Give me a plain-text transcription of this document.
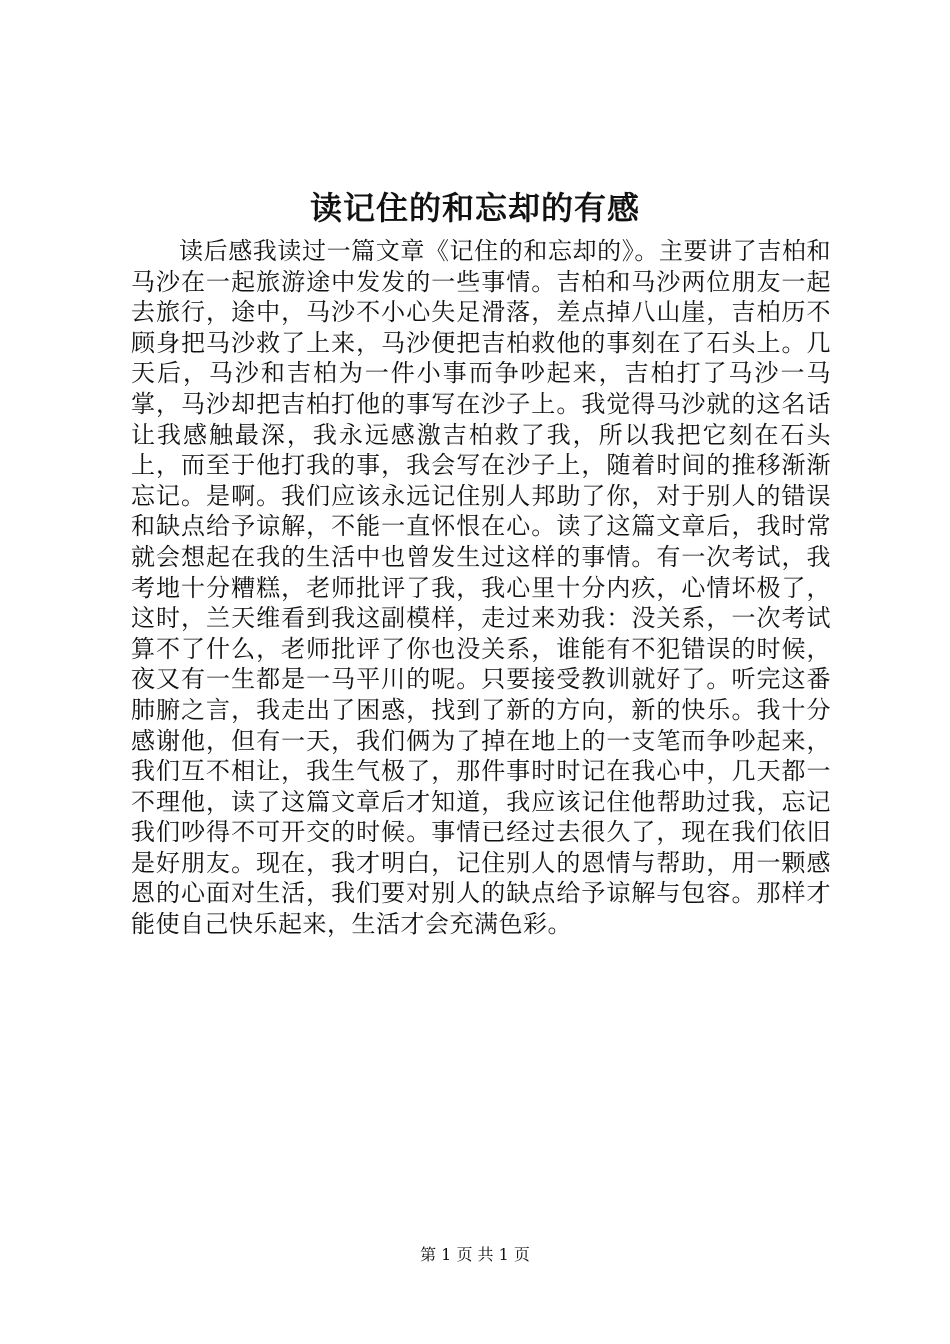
读记住的和忘却的有感

读后感我读过一篇文章《记住的和忘却的》。主要讲了吉柏和马沙在一起旅游途中发发的一些事情。吉柏和马沙两位朋友一起去旅行，途中，马沙不小心失足滑落，差点掉八山崖，吉柏历不顾身把马沙救了上来，马沙便把吉柏救他的事刻在了石头上。几天后，马沙和吉柏为一件小事而争吵起来，吉柏打了马沙一马掌，马沙却把吉柏打他的事写在沙子上。我觉得马沙就的这名话让我感触最深，我永远感激吉柏救了我，所以我把它刻在石头上，而至于他打我的事，我会写在沙子上，随着时间的推移渐渐忘记。是啊。我们应该永远记住别人邦助了你，对于别人的错误和缺点给予谅解，不能一直怀恨在心。读了这篇文章后，我时常就会想起在我的生活中也曾发生过这样的事情。有一次考试，我考地十分糟糕，老师批评了我，我心里十分内疚，心情坏极了，这时，兰天维看到我这副模样，走过来劝我：没关系，一次考试算不了什么，老师批评了你也没关系，谁能有不犯错误的时候，夜又有一生都是一马平川的呢。只要接受教训就好了。听完这番肺腑之言，我走出了困惑，找到了新的方向，新的快乐。我十分感谢他，但有一天，我们俩为了掉在地上的一支笔而争吵起来，我们互不相让，我生气极了，那件事时时记在我心中，几天都一不理他，读了这篇文章后才知道，我应该记住他帮助过我，忘记我们吵得不可开交的时候。事情已经过去很久了，现在我们依旧是好朋友。现在，我才明白，记住别人的恩情与帮助，用一颗感恩的心面对生活，我们要对别人的缺点给予谅解与包容。那样才能使自己快乐起来，生活才会充满色彩。

第 1 页 共 1 页
